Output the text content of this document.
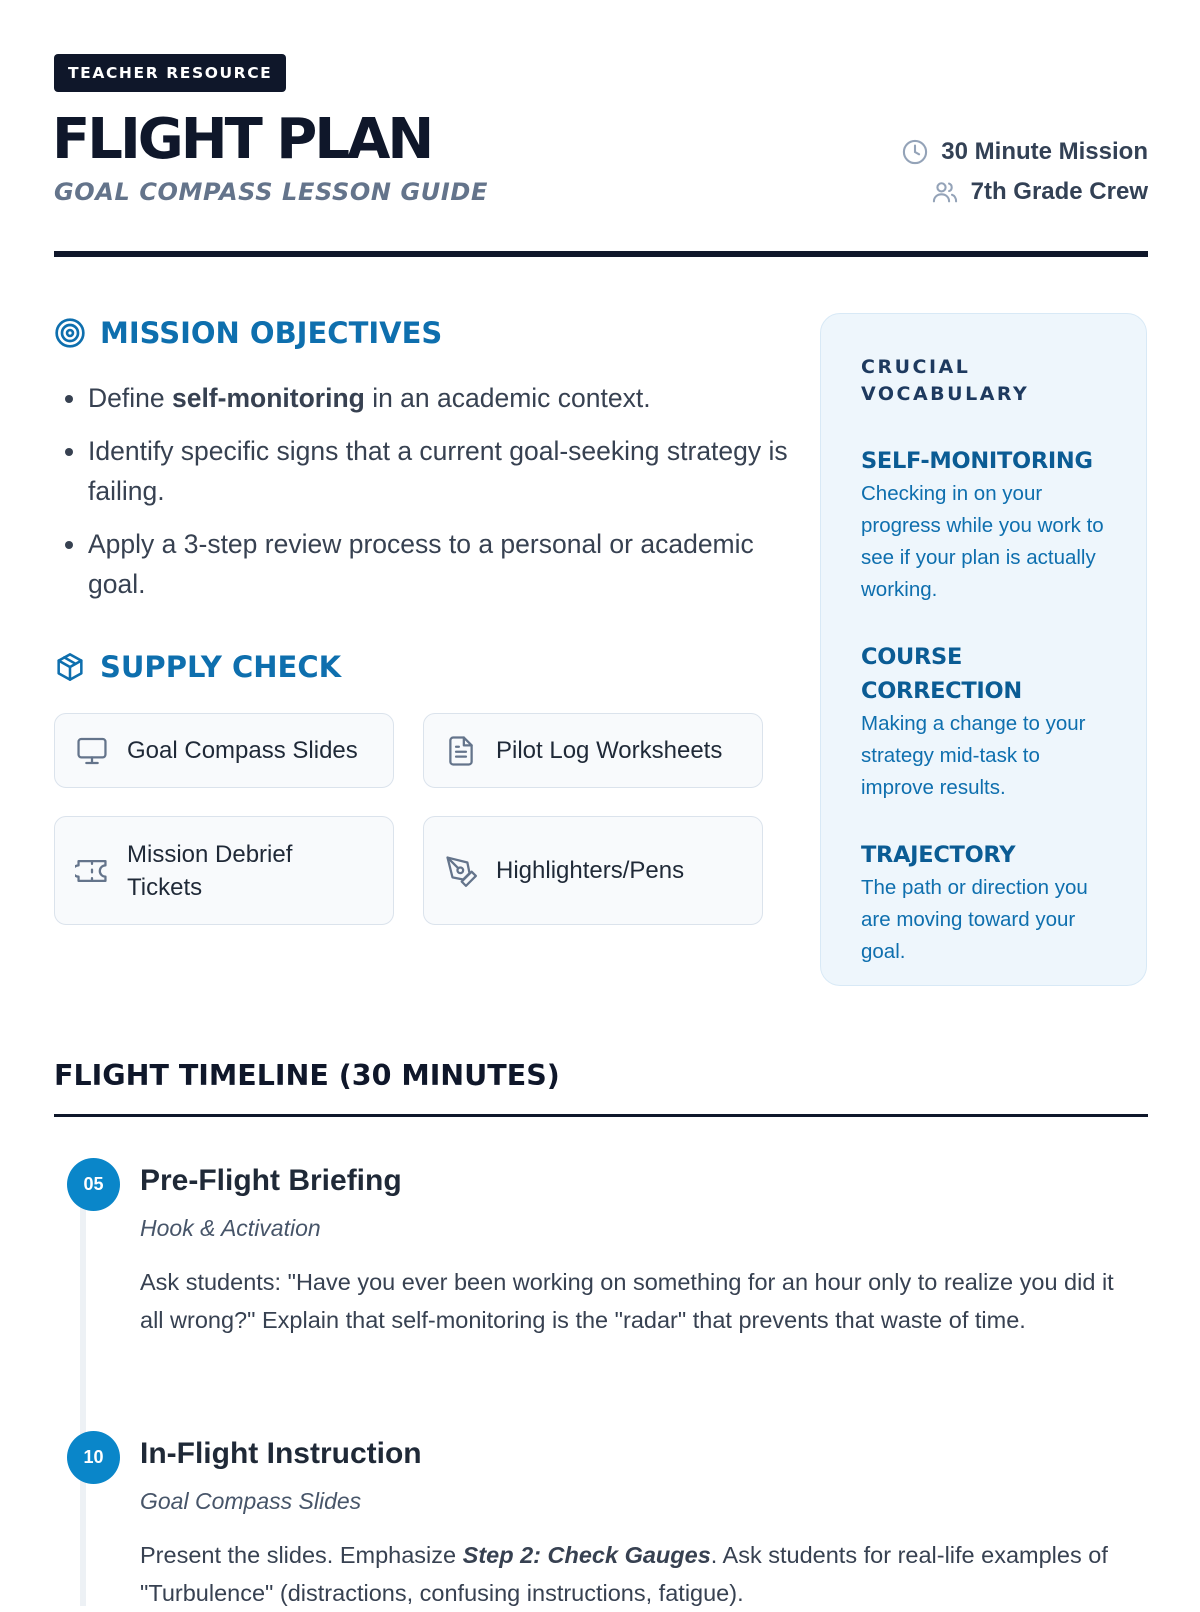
TEACHER RESOURCE
FLIGHT PLAN
GOAL COMPASS LESSON GUIDE
30 Minute Mission
7th Grade Crew
MISSION OBJECTIVES
• Define self-monitoring in an academic context.
• Identify specific signs that a current goal-seeking strategy is failing.
• Apply a 3-step review process to a personal or academic goal.
SUPPLY CHECK
Goal Compass Slides	Pilot Log Worksheets
Mission Debrief Tickets
Highlighters/Pens
CRUCIAL VOCABULARY
SELF-MONITORING
Checking in on your progress while you work to see if your plan is actually working.
COURSE CORRECTION
Making a change to your strategy mid-task to improve results.
TRAJECTORY
The path or direction you are moving toward your goal.
FLIGHT TIMELINE (30 MINUTES)
05	Pre-Flight Briefing
Hook & Activation

Ask students: "Have you ever been working on something for an hour only to realize you did it all wrong?" Explain that self-monitoring is the "radar" that prevents that waste of time.

10	In-Flight Instruction
Goal Compass Slides

Present the slides. Emphasize Step 2: Check Gauges. Ask students for real-life examples of "Turbulence" (distractions, confusing instructions, fatigue).
